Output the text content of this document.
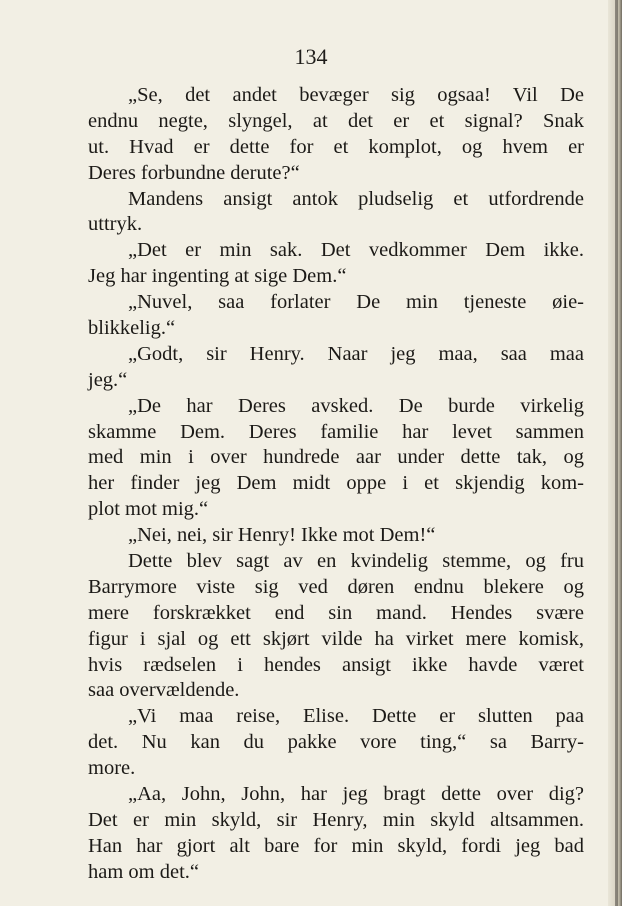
134
„Se, det andet bevæger sig ogsaa! Vil De
endnu negte, slyngel, at det er et signal? Snak
ut. Hvad er dette for et komplot, og hvem er
Deres forbundne derute?“
Mandens ansigt antok pludselig et utfordrende
uttryk.
„Det er min sak. Det vedkommer Dem ikke.
Jeg har ingenting at sige Dem.“
„Nuvel, saa forlater De min tjeneste øie-
blikkelig.“
„Godt, sir Henry. Naar jeg maa, saa maa
jeg.“
„De har Deres avsked. De burde virkelig
skamme Dem. Deres familie har levet sammen
med min i over hundrede aar under dette tak, og
her finder jeg Dem midt oppe i et skjendig kom-
plot mot mig.“
„Nei, nei, sir Henry! Ikke mot Dem!“
Dette blev sagt av en kvindelig stemme, og fru
Barrymore viste sig ved døren endnu blekere og
mere forskrækket end sin mand. Hendes svære
figur i sjal og ett skjørt vilde ha virket mere komisk,
hvis rædselen i hendes ansigt ikke havde været
saa overvældende.
„Vi maa reise, Elise. Dette er slutten paa
det. Nu kan du pakke vore ting,“ sa Barry-
more.
„Aa, John, John, har jeg bragt dette over dig?
Det er min skyld, sir Henry, min skyld altsammen.
Han har gjort alt bare for min skyld, fordi jeg bad
ham om det.“
